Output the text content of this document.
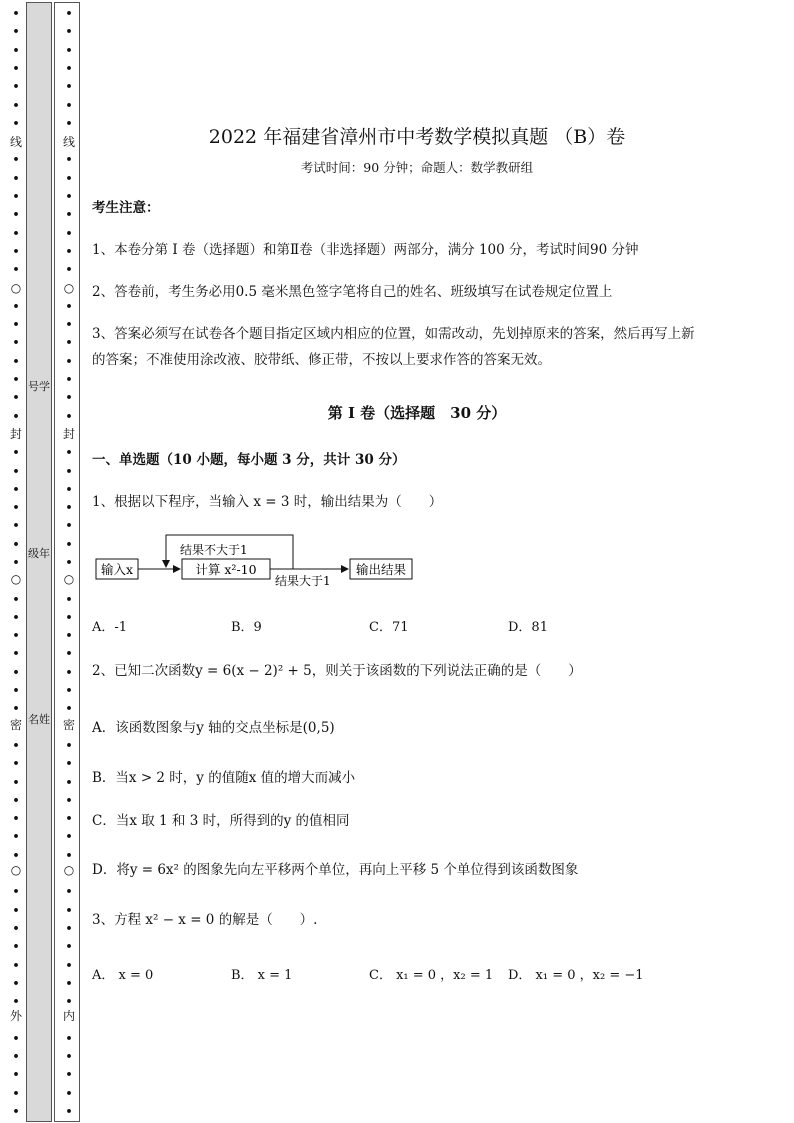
•
•
•
•
•
•
•
•
•
•
•
•
•
•
•
•
•
•
•
•
•
•
•
•
•
•
•
•
•
•
•
•
•
•
•
•
•
•
•
•
•
•
•
•
•
•
•
•
•
•
•
•
•
•
线
○
封
○
密
○
外
•
•
•
•
•
•
•
•
•
•
•
•
•
•
•
•
•
•
•
•
•
•
•
•
•
•
•
•
•
•
•
•
•
•
•
•
•
•
•
•
•
•
•
•
•
•
•
•
•
•
•
•
•
•
线
○
封
○
密
○
内
号学
级年
名姓
2022 年福建省漳州市中考数学模拟真题 （B）卷
考试时间：90 分钟；命题人：数学教研组
考生注意：
1、本卷分第 I 卷（选择题）和第Ⅱ卷（非选择题）两部分，满分 100 分，考试时间90 分钟
2、答卷前，考生务必用0.5 毫米黑色签字笔将自己的姓名、班级填写在试卷规定位置上
3、答案必须写在试卷各个题目指定区域内相应的位置，如需改动，先划掉原来的答案，然后再写上新
的答案；不准使用涂改液、胶带纸、修正带，不按以上要求作答的答案无效。
第 I 卷（选择题　30 分）
一、单选题（10 小题，每小题 3 分，共计 30 分）
1、根据以下程序，当输入 x = 3 时，输出结果为（　　）
输入x	计算 x²-10
结果不大于1
结果大于1
输出结果
A．-1	B．9	C．71	D．81
2、已知二次函数y = 6(x − 2)² + 5，则关于该函数的下列说法正确的是（　　）
A．该函数图象与y 轴的交点坐标是(0,5)
B．当x > 2 时，y 的值随x 值的增大而减小
C．当x 取 1 和 3 时，所得到的y 的值相同
D．将y = 6x² 的图象先向左平移两个单位，再向上平移 5 个单位得到该函数图象
3、方程 x² − x = 0 的解是（　　）.
A． x = 0	B． x = 1	C． x₁ = 0 ，x₂ = 1 D． x₁ = 0 ，x₂ = −1
